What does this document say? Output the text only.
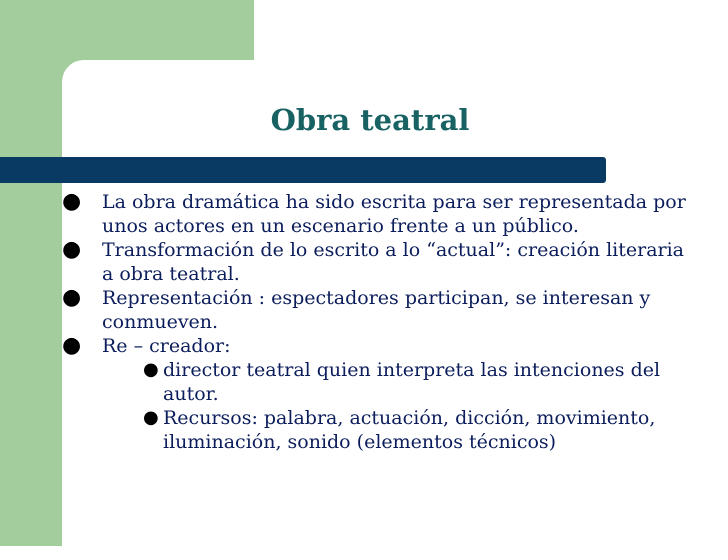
Obra teatral
● La obra dramática ha sido escrita para ser representada por unos actores en un escenario frente a un público.
● Transformación de lo escrito a lo “actual”: creación literaria a obra teatral.
● Representación : espectadores participan, se interesan y conmueven.
● Re – creador:
● director teatral quien interpreta las intenciones del autor.
● Recursos: palabra, actuación, dicción, movimiento, iluminación, sonido (elementos técnicos)
